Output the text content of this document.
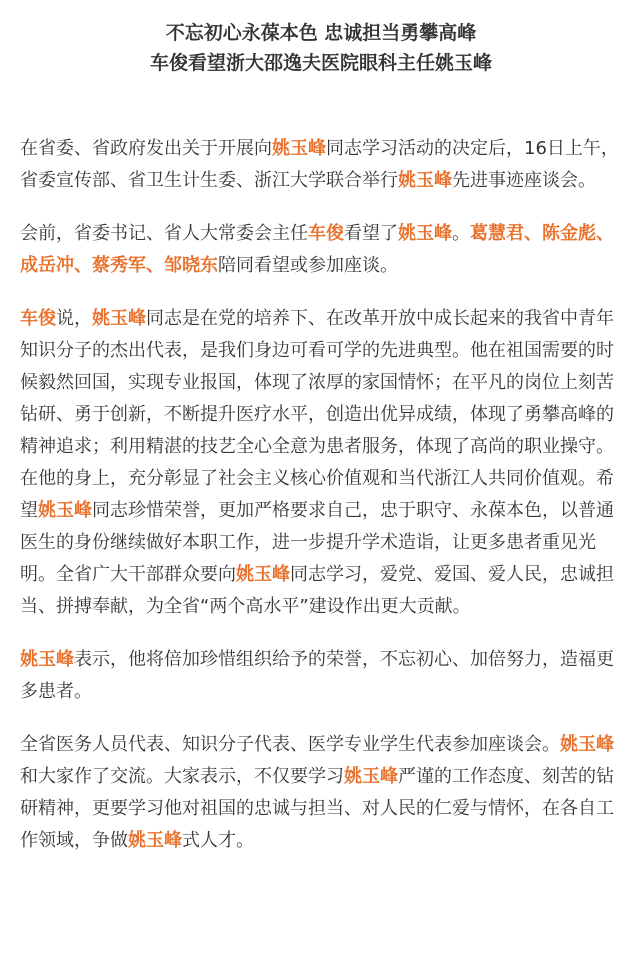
不忘初心永葆本色 忠诚担当勇攀高峰
车俊看望浙大邵逸夫医院眼科主任姚玉峰

在省委、省政府发出关于开展向姚玉峰同志学习活动的决定后，16日上午，省委宣传部、省卫生计生委、浙江大学联合举行姚玉峰先进事迹座谈会。

会前，省委书记、省人大常委会主任车俊看望了姚玉峰。葛慧君、陈金彪、成岳冲、蔡秀军、邹晓东陪同看望或参加座谈。

车俊说，姚玉峰同志是在党的培养下、在改革开放中成长起来的我省中青年知识分子的杰出代表，是我们身边可看可学的先进典型。他在祖国需要的时候毅然回国，实现专业报国，体现了浓厚的家国情怀；在平凡的岗位上刻苦钻研、勇于创新，不断提升医疗水平，创造出优异成绩，体现了勇攀高峰的精神追求；利用精湛的技艺全心全意为患者服务，体现了高尚的职业操守。在他的身上，充分彰显了社会主义核心价值观和当代浙江人共同价值观。希望姚玉峰同志珍惜荣誉，更加严格要求自己，忠于职守、永葆本色，以普通医生的身份继续做好本职工作，进一步提升学术造诣，让更多患者重见光明。全省广大干部群众要向姚玉峰同志学习，爱党、爱国、爱人民，忠诚担当、拼搏奉献，为全省“两个高水平”建设作出更大贡献。

姚玉峰表示，他将倍加珍惜组织给予的荣誉，不忘初心、加倍努力，造福更多患者。

全省医务人员代表、知识分子代表、医学专业学生代表参加座谈会。姚玉峰和大家作了交流。大家表示，不仅要学习姚玉峰严谨的工作态度、刻苦的钻研精神，更要学习他对祖国的忠诚与担当、对人民的仁爱与情怀，在各自工作领域，争做姚玉峰式人才。
